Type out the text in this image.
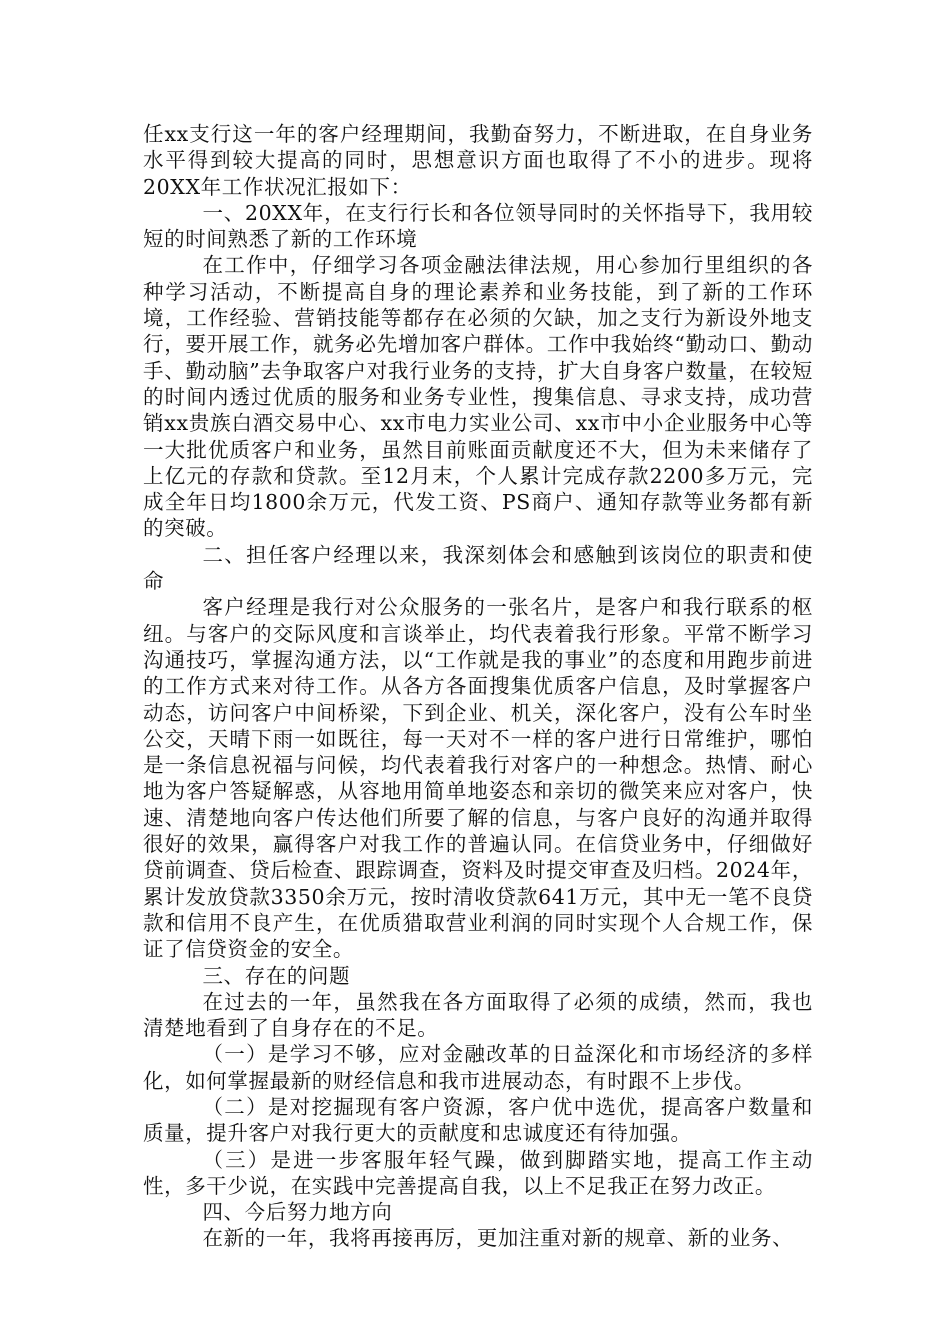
任xx支行这一年的客户经理期间，我勤奋努力，不断进取，在自身业务水平得到较大提高的同时，思想意识方面也取得了不小的进步。现将20XX年工作状况汇报如下：

一、20XX年，在支行行长和各位领导同时的关怀指导下，我用较短的时间熟悉了新的工作环境

在工作中，仔细学习各项金融法律法规，用心参加行里组织的各种学习活动，不断提高自身的理论素养和业务技能，到了新的工作环境，工作经验、营销技能等都存在必须的欠缺，加之支行为新设外地支行，要开展工作，就务必先增加客户群体。工作中我始终“勤动口、勤动手、勤动脑”去争取客户对我行业务的支持，扩大自身客户数量，在较短的时间内透过优质的服务和业务专业性，搜集信息、寻求支持，成功营销xx贵族白酒交易中心、xx市电力实业公司、xx市中小企业服务中心等一大批优质客户和业务，虽然目前账面贡献度还不大，但为未来储存了上亿元的存款和贷款。至12月末，个人累计完成存款2200多万元，完成全年日均1800余万元，代发工资、PS商户、通知存款等业务都有新的突破。

二、担任客户经理以来，我深刻体会和感触到该岗位的职责和使命

客户经理是我行对公众服务的一张名片，是客户和我行联系的枢纽。与客户的交际风度和言谈举止，均代表着我行形象。平常不断学习沟通技巧，掌握沟通方法，以“工作就是我的事业”的态度和用跑步前进的工作方式来对待工作。从各方各面搜集优质客户信息，及时掌握客户动态，访问客户中间桥梁，下到企业、机关，深化客户，没有公车时坐公交，天晴下雨一如既往，每一天对不一样的客户进行日常维护，哪怕是一条信息祝福与问候，均代表着我行对客户的一种想念。热情、耐心地为客户答疑解惑，从容地用简单地姿态和亲切的微笑来应对客户，快速、清楚地向客户传达他们所要了解的信息，与客户良好的沟通并取得很好的效果，赢得客户对我工作的普遍认同。在信贷业务中，仔细做好贷前调查、贷后检查、跟踪调查，资料及时提交审查及归档。2024年，累计发放贷款3350余万元，按时清收贷款641万元，其中无一笔不良贷款和信用不良产生，在优质猎取营业利润的同时实现个人合规工作，保证了信贷资金的安全。

三、存在的问题

在过去的一年，虽然我在各方面取得了必须的成绩，然而，我也清楚地看到了自身存在的不足。

（一）是学习不够，应对金融改革的日益深化和市场经济的多样化，如何掌握最新的财经信息和我市进展动态，有时跟不上步伐。

（二）是对挖掘现有客户资源，客户优中选优，提高客户数量和质量，提升客户对我行更大的贡献度和忠诚度还有待加强。

（三）是进一步客服年轻气躁，做到脚踏实地，提高工作主动性，多干少说，在实践中完善提高自我，以上不足我正在努力改正。

四、今后努力地方向

在新的一年，我将再接再厉，更加注重对新的规章、新的业务、
